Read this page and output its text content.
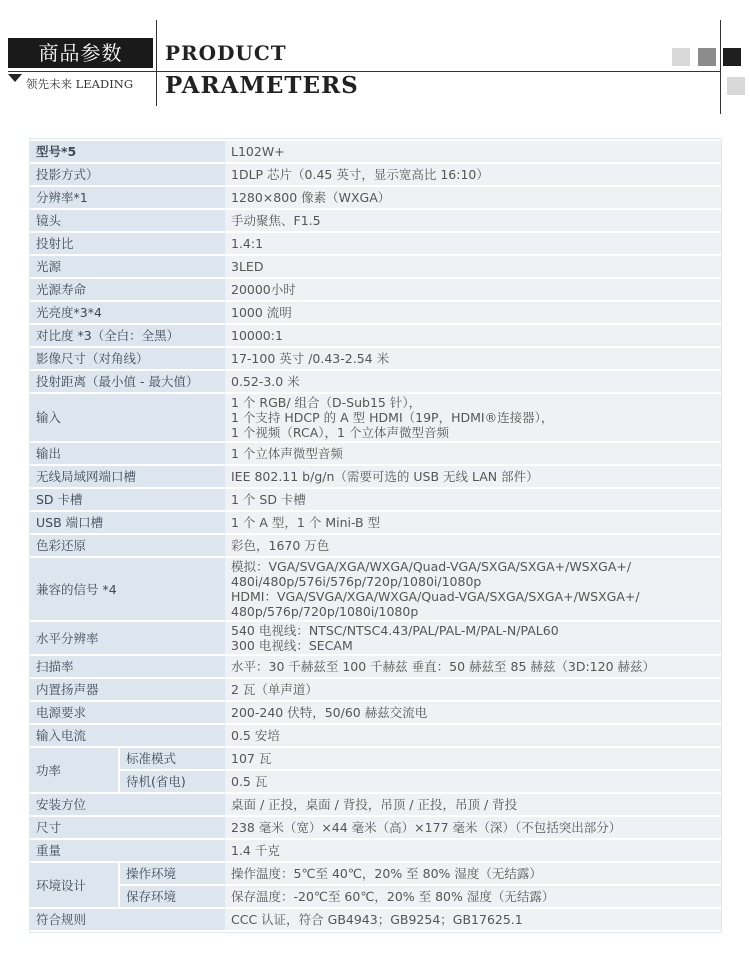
商品参数	PRODUCT
PARAMETERS
领先未来 LEADING
型号*5		L102W+
投影方式）		1DLP 芯片（0.45 英寸，显示宽高比 16:10）
分辨率*1		1280×800 像素（WXGA）
镜头		手动聚焦、F1.5
投射比		1.4:1
光源		3LED
光源寿命		20000小时
光亮度*3*4		1000 流明
对比度 *3（全白：全黑）		10000:1
影像尺寸（对角线）		17-100 英寸 /0.43-2.54 米
投射距离（最小值 - 最大值）		0.52-3.0 米
输入		1 个 RGB/ 组合（D-Sub15 针），
1 个支持 HDCP 的 A 型 HDMI（19P，HDMI®连接器），
1 个视频（RCA），1 个立体声微型音频

输出		1 个立体声微型音频
无线局域网端口槽		IEE 802.11 b/g/n（需要可选的 USB 无线 LAN 部件）
SD 卡槽		1 个 SD 卡槽
USB 端口槽		1 个 A 型，1 个 Mini-B 型
色彩还原		彩色，1670 万色
兼容的信号 *4		模拟：VGA/SVGA/XGA/WXGA/Quad-VGA/SXGA/SXGA+/WSXGA+/
480i/480p/576i/576p/720p/1080i/1080p
HDMI：VGA/SVGA/XGA/WXGA/Quad-VGA/SXGA/SXGA+/WSXGA+/
480p/576p/720p/1080i/1080p

水平分辨率		540 电视线：NTSC/NTSC4.43/PAL/PAL-M/PAL-N/PAL60
300 电视线：SECAM

扫描率		水平：30 千赫兹至 100 千赫兹 垂直：50 赫兹至 85 赫兹（3D:120 赫兹）
内置扬声器		2 瓦（单声道）
电源要求		200-240 伏特，50/60 赫兹交流电
输入电流		0.5 安培
功率	标准模式	107 瓦
	待机(省电)	0.5 瓦
安装方位		桌面 / 正投，桌面 / 背投，吊顶 / 正投，吊顶 / 背投
尺寸		238 毫米（宽）×44 毫米（高）×177 毫米（深）（不包括突出部分）
重量		1.4 千克
环境设计	操作环境	操作温度：5℃至 40℃，20% 至 80% 湿度（无结露）
	保存环境	保存温度：-20℃至 60℃，20% 至 80% 湿度（无结露）
符合规则		CCC 认证，符合 GB4943；GB9254；GB17625.1
